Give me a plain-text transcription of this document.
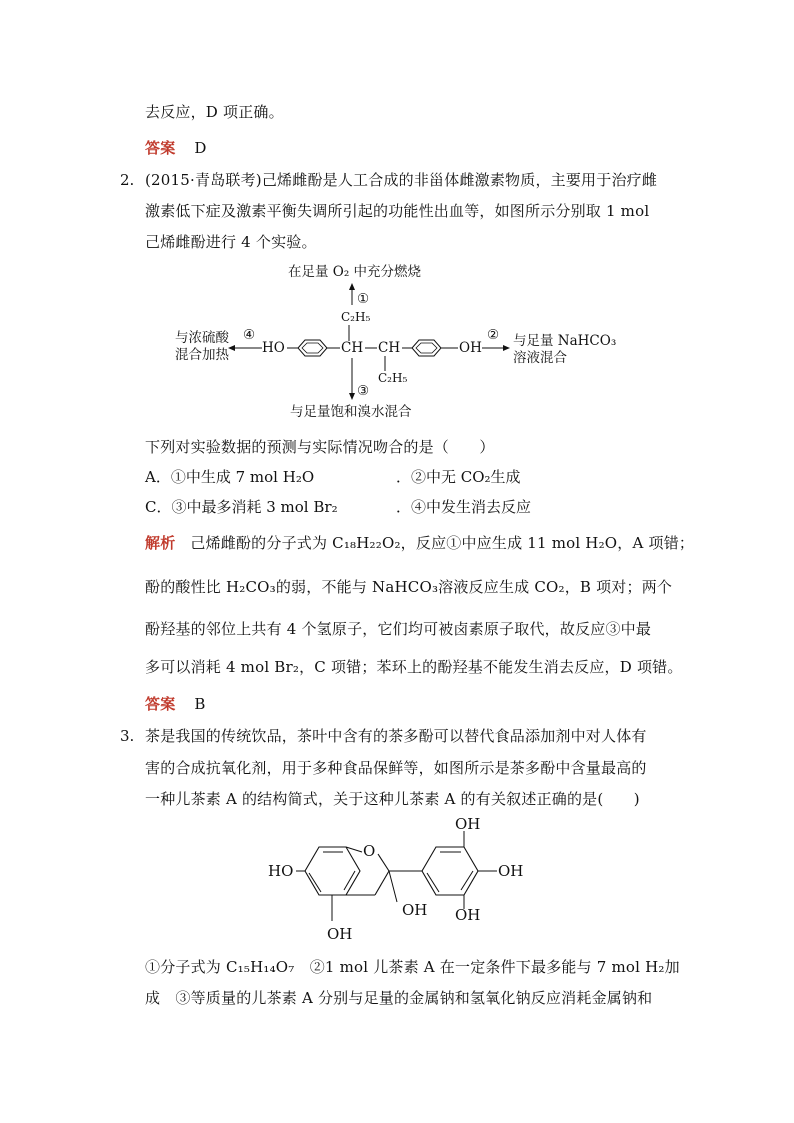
去反应，D 项正确。
答案 D
2. (2015·青岛联考)己烯雌酚是人工合成的非甾体雌激素物质，主要用于治疗雌
激素低下症及激素平衡失调所引起的功能性出血等，如图所示分别取 1 mol
己烯雌酚进行 4 个实验。
在足量 O₂ 中充分燃烧
①
C₂H₅
④
与浓硫酸
混合加热 HO	CH CH	OH
② 与足量 NaHCO₃
溶液混合
③
C₂H₅
与足量饱和溴水混合
下列对实验数据的预测与实际情况吻合的是（　　）
A．①中生成 7 mol H₂O	．②中无 CO₂生成
C．③中最多消耗 3 mol Br₂	．④中发生消去反应
解析 己烯雌酚的分子式为 C₁₈H₂₂O₂，反应①中应生成 11 mol H₂O，A 项错；
酚的酸性比 H₂CO₃的弱，不能与 NaHCO₃溶液反应生成 CO₂，B 项对；两个
酚羟基的邻位上共有 4 个氢原子，它们均可被卤素原子取代，故反应③中最
多可以消耗 4 mol Br₂，C 项错；苯环上的酚羟基不能发生消去反应，D 项错。
答案 B
3. 茶是我国的传统饮品，茶叶中含有的茶多酚可以替代食品添加剂中对人体有
害的合成抗氧化剂，用于多种食品保鲜等，如图所示是茶多酚中含量最高的
一种儿茶素 A 的结构简式，关于这种儿茶素 A 的有关叙述正确的是(　　)
HO
O
OH
OH
OH
OH
OH
①分子式为 C₁₅H₁₄O₇　②1 mol 儿茶素 A 在一定条件下最多能与 7 mol H₂加
成　③等质量的儿茶素 A 分别与足量的金属钠和氢氧化钠反应消耗金属钠和
